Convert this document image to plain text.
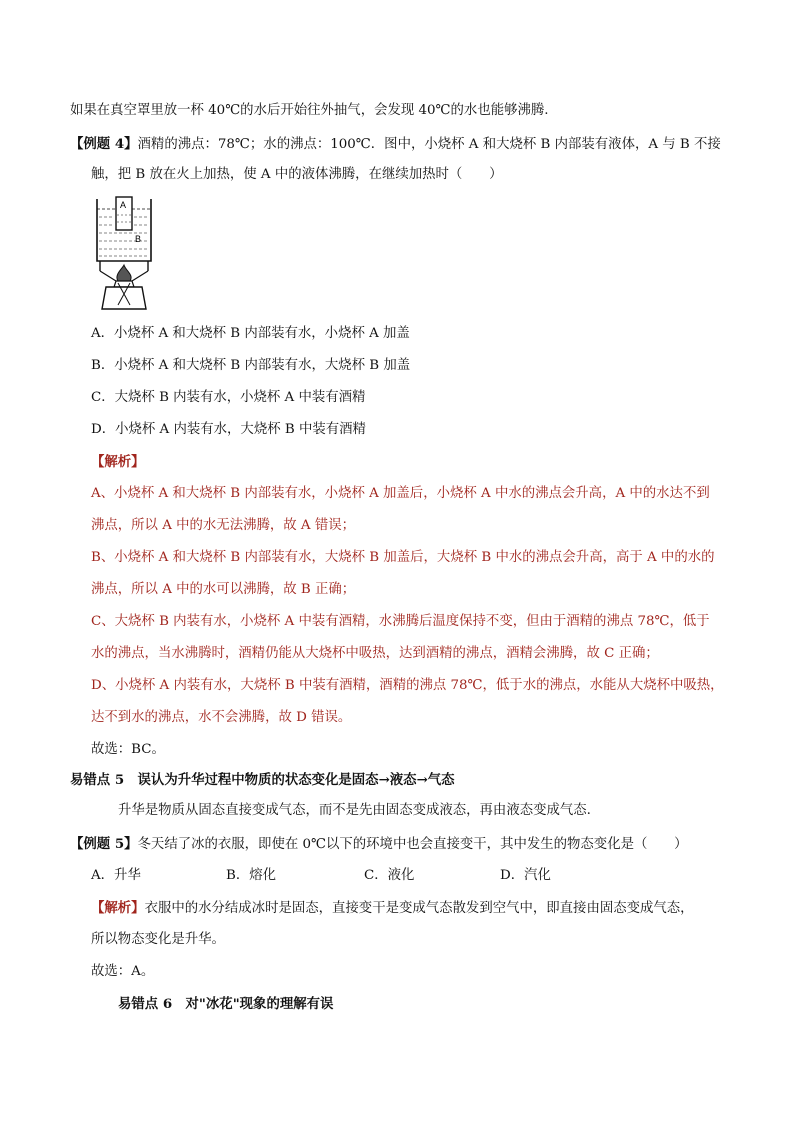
如果在真空罩里放一杯 40℃的水后开始往外抽气，会发现 40℃的水也能够沸腾.
【例题 4】酒精的沸点：78℃；水的沸点：100℃．图中，小烧杯 A 和大烧杯 B 内部装有液体，A 与 B 不接
触，把 B 放在火上加热，使 A 中的液体沸腾，在继续加热时（　　）
A
B
A．小烧杯 A 和大烧杯 B 内部装有水，小烧杯 A 加盖
B．小烧杯 A 和大烧杯 B 内部装有水，大烧杯 B 加盖
C．大烧杯 B 内装有水，小烧杯 A 中装有酒精
D．小烧杯 A 内装有水，大烧杯 B 中装有酒精
【解析】
A、小烧杯 A 和大烧杯 B 内部装有水，小烧杯 A 加盖后，小烧杯 A 中水的沸点会升高，A 中的水达不到
沸点，所以 A 中的水无法沸腾，故 A 错误；
B、小烧杯 A 和大烧杯 B 内部装有水，大烧杯 B 加盖后，大烧杯 B 中水的沸点会升高，高于 A 中的水的
沸点，所以 A 中的水可以沸腾，故 B 正确；
C、大烧杯 B 内装有水，小烧杯 A 中装有酒精，水沸腾后温度保持不变，但由于酒精的沸点 78℃，低于
水的沸点，当水沸腾时，酒精仍能从大烧杯中吸热，达到酒精的沸点，酒精会沸腾，故 C 正确；
D、小烧杯 A 内装有水，大烧杯 B 中装有酒精，酒精的沸点 78℃，低于水的沸点，水能从大烧杯中吸热，
达不到水的沸点，水不会沸腾，故 D 错误。
故选：BC。
易错点 5　误认为升华过程中物质的状态变化是固态→液态→气态
升华是物质从固态直接变成气态，而不是先由固态变成液态，再由液态变成气态.
【例题 5】冬天结了冰的衣服，即使在 0℃以下的环境中也会直接变干，其中发生的物态变化是（　　）
A．升华	B．熔化	C．液化	D．汽化
【解析】衣服中的水分结成冰时是固态，直接变干是变成气态散发到空气中，即直接由固态变成气态，
所以物态变化是升华。
故选：A。
易错点 6　对"冰花"现象的理解有误
